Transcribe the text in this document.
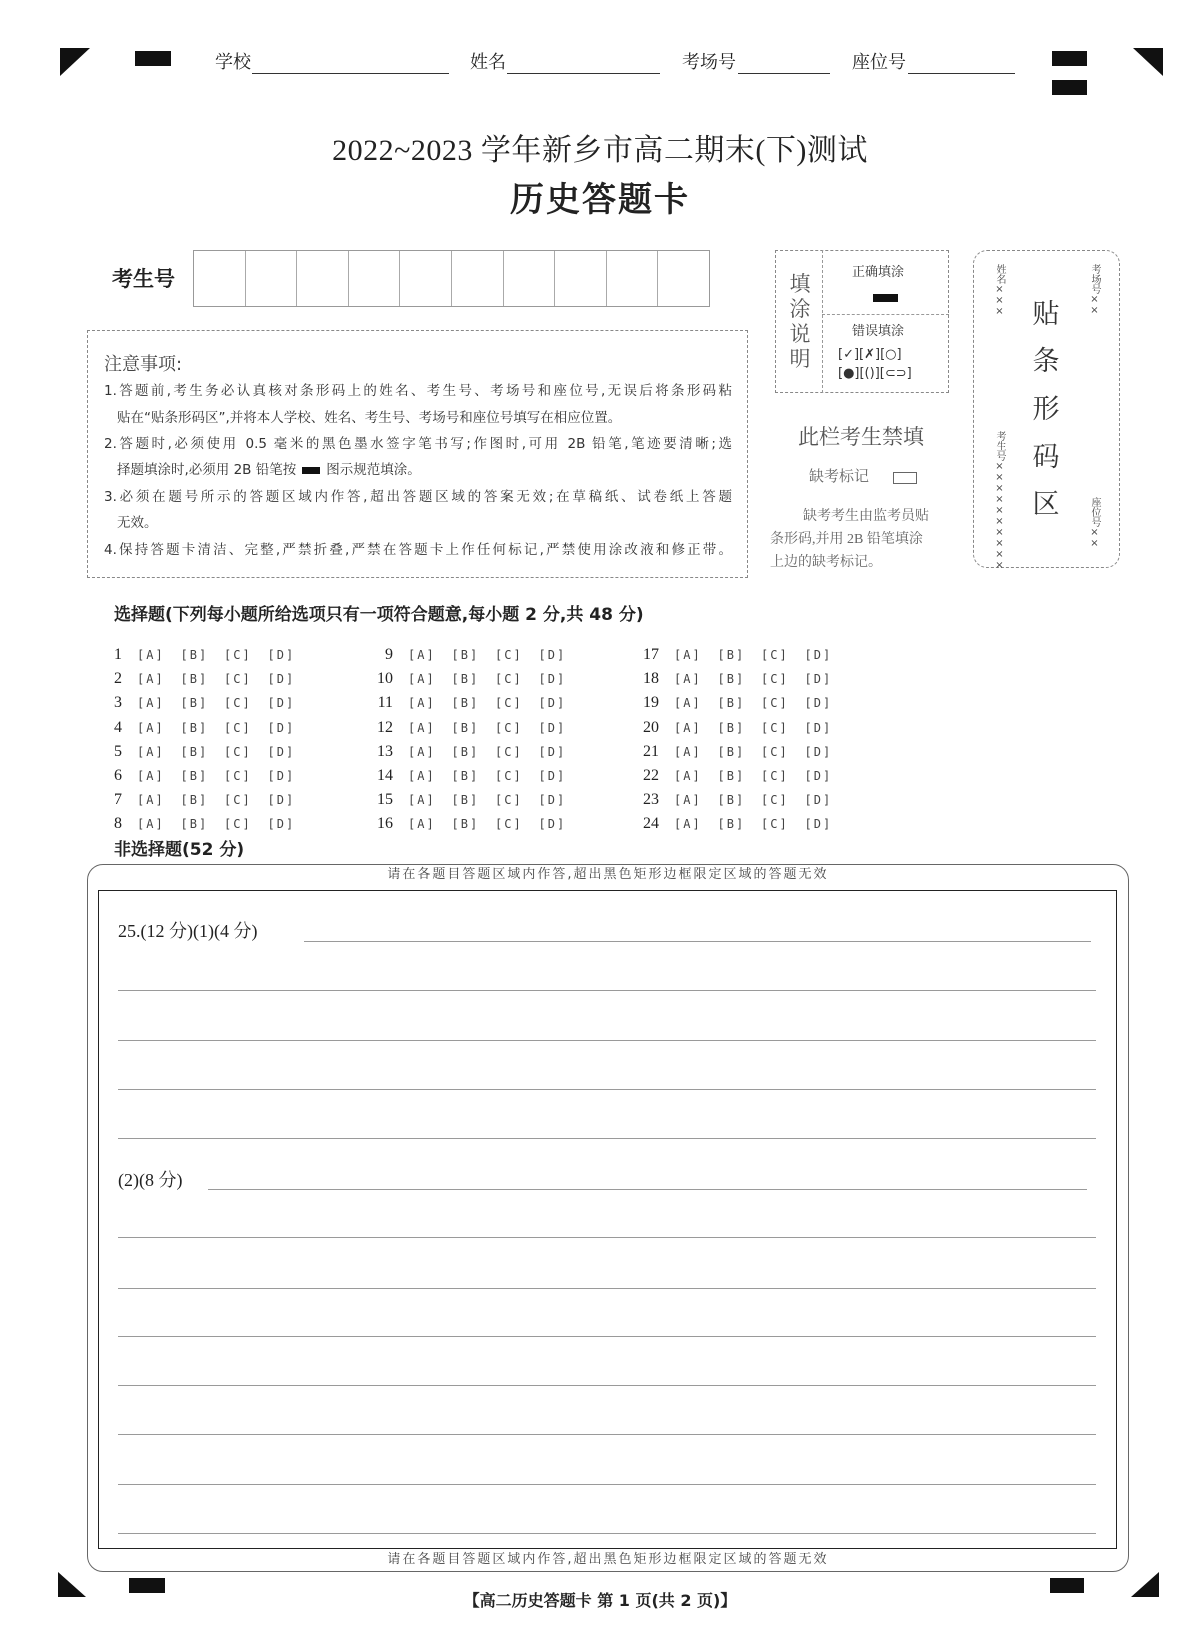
学校	姓名	考场号	座位号
2022~2023 学年新乡市高二期末(下)测试
历史答题卡
考生号	填
涂
说
明
正确填涂
错误填涂
[✓][✗][○]
[●][()][⊂⊃]
此栏考生禁填
缺考标记
缺考考生由监考员贴
条形码,并用 2B 铅笔填涂
上边的缺考标记。
姓名×××	考场号××
考生号××××××××××	座位号××
贴
条
形
码
区
注意事项:
1.答题前,考生务必认真核对条形码上的姓名、考生号、考场号和座位号,无误后将条形码粘
贴在“贴条形码区”,并将本人学校、姓名、考生号、考场号和座位号填写在相应位置。
2.答题时,必须使用 0.5 毫米的黑色墨水签字笔书写;作图时,可用 2B 铅笔,笔迹要清晰;选
择题填涂时,必须用 2B 铅笔按 图示规范填涂。
3.必须在题号所示的答题区域内作答,超出答题区域的答案无效;在草稿纸、试卷纸上答题
无效。
4.保持答题卡清洁、完整,严禁折叠,严禁在答题卡上作任何标记,严禁使用涂改液和修正带。
选择题(下列每小题所给选项只有一项符合题意,每小题 2 分,共 48 分)
1 [A] [B] [C] [D]
2 [A] [B] [C] [D]
3 [A] [B] [C] [D]
4 [A] [B] [C] [D]
5 [A] [B] [C] [D]
6 [A] [B] [C] [D]
7 [A] [B] [C] [D]
8 [A] [B] [C] [D]
9 [A] [B] [C] [D]
10 [A] [B] [C] [D]
11 [A] [B] [C] [D]
12 [A] [B] [C] [D]
13 [A] [B] [C] [D]
14 [A] [B] [C] [D]
15 [A] [B] [C] [D]
16 [A] [B] [C] [D]
17 [A] [B] [C] [D]
18 [A] [B] [C] [D]
19 [A] [B] [C] [D]
20 [A] [B] [C] [D]
21 [A] [B] [C] [D]
22 [A] [B] [C] [D]
23 [A] [B] [C] [D]
24 [A] [B] [C] [D]
非选择题(52 分)
请在各题目答题区域内作答,超出黑色矩形边框限定区域的答题无效
25.(12 分)(1)(4 分)
(2)(8 分)
请在各题目答题区域内作答,超出黑色矩形边框限定区域的答题无效
【高二历史答题卡 第 1 页(共 2 页)】
